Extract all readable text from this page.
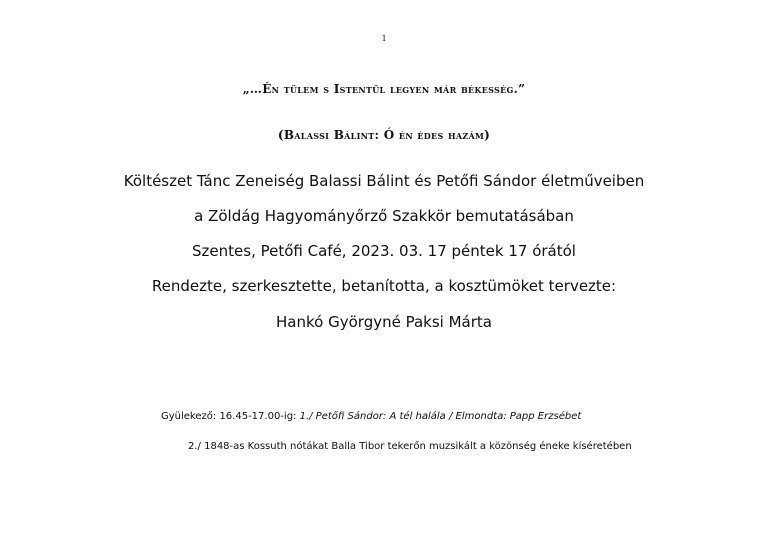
1
„…Én tülem s Istentül legyen már békesség.”
(Balassi Bálint: Ó én édes hazám)
Költészet Tánc Zeneiség Balassi Bálint és Petőfi Sándor életműveiben
a Zöldág Hagyományőrző Szakkör bemutatásában
Szentes, Petőfi Café, 2023. 03. 17 péntek 17 órától
Rendezte, szerkesztette, betanította, a kosztümöket tervezte:
Hankó Györgyné Paksi Márta
Gyülekező: 16.45-17.00-ig: 1./ Petőfi Sándor: A tél halála / Elmondta: Papp Erzsébet
2./ 1848-as Kossuth nótákat Balla Tibor tekerőn muzsikált a közönség éneke kíséretében
